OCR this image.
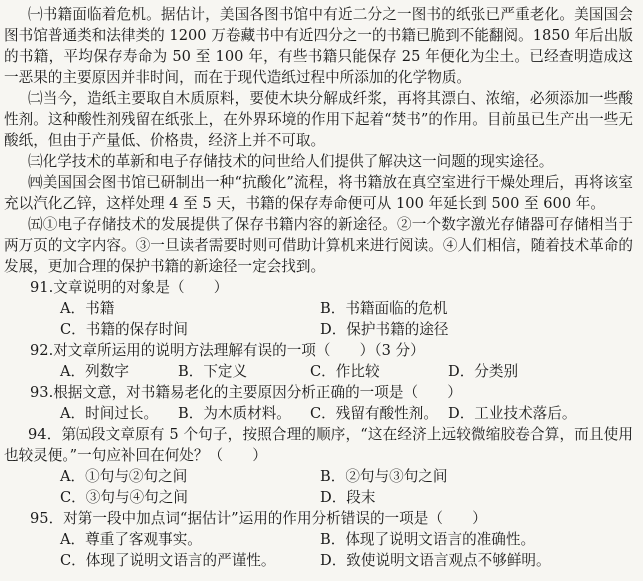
㈠书籍面临着危机。据估计，美国各图书馆中有近二分之一图书的纸张已严重老化。美国国会图书馆普通类和法律类的 1200 万卷藏书中有近四分之一的书籍已脆到不能翻阅。1850 年后出版的书籍，平均保存寿命为 50 至 100 年，有些书籍只能保存 25 年便化为尘土。已经查明造成这一恶果的主要原因并非时间，而在于现代造纸过程中所添加的化学物质。

㈡当今，造纸主要取自木质原料，要使木块分解成纤浆，再将其漂白、浓缩，必须添加一些酸性剂。这种酸性剂残留在纸张上，在外界环境的作用下起着“焚书”的作用。目前虽已生产出一些无酸纸，但由于产量低、价格贵，经济上并不可取。

㈢化学技术的革新和电子存储技术的问世给人们提供了解决这一问题的现实途径。

㈣美国国会图书馆已研制出一种“抗酸化”流程，将书籍放在真空室进行干燥处理后，再将该室充以汽化乙锌，这样处理 4 至 5 天，书籍的保存寿命便可从 100 年延长到 500 至 600 年。

㈤①电子存储技术的发展提供了保存书籍内容的新途径。②一个数字激光存储器可存储相当于两万页的文字内容。③一旦读者需要时则可借助计算机来进行阅读。④人们相信，随着技术革命的发展，更加合理的保护书籍的新途径一定会找到。

91.文章说明的对象是（　　）

A．书籍	B．书籍面临的危机
C．书籍的保存时间	D．保护书籍的途径

92.对文章所运用的说明方法理解有误的一项（　　）（3 分）

A．列数字	B．下定义	C．作比较	D．分类别

93.根据文意，对书籍易老化的主要原因分析正确的一项是（　　）

A．时间过长。	B．为木质材料。	C．残留有酸性剂。 D．工业技术落后。

94．第㈤段文章原有 5 个句子，按照合理的顺序，“这在经济上远较微缩胶卷合算，而且使用也较灵便。”一句应补回在何处？（　　）

A．①句与②句之间	B．②句与③句之间
C．③句与④句之间	D．段末

95．对第一段中加点词“据估计”运用的作用分析错误的一项是（　　）

A．尊重了客观事实。	B．体现了说明文语言的准确性。
C．体现了说明文语言的严谨性。	D．致使说明文语言观点不够鲜明。
